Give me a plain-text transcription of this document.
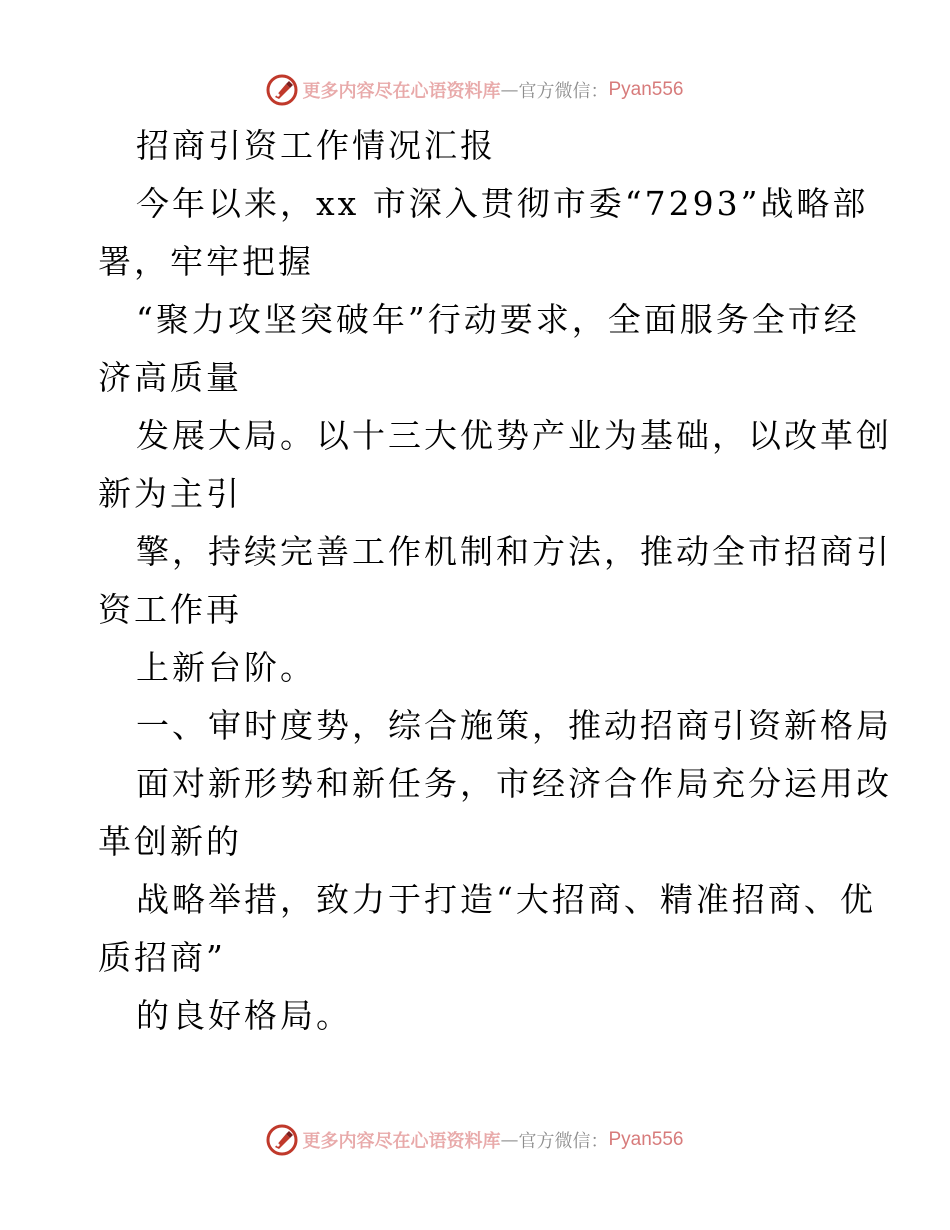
更多内容尽在心语资料库 — 官方微信： Pyan556
招商引资工作情况汇报
今年以来，xx 市深入贯彻市委“7293”战略部
署，牢牢把握
“聚力攻坚突破年”行动要求，全面服务全市经
济高质量
发展大局。以十三大优势产业为基础，以改革创
新为主引
擎，持续完善工作机制和方法，推动全市招商引
资工作再
上新台阶。
一、审时度势，综合施策，推动招商引资新格局
面对新形势和新任务，市经济合作局充分运用改
革创新的
战略举措，致力于打造“大招商、精准招商、优
质招商”
的良好格局。
更多内容尽在心语资料库 — 官方微信： Pyan556
